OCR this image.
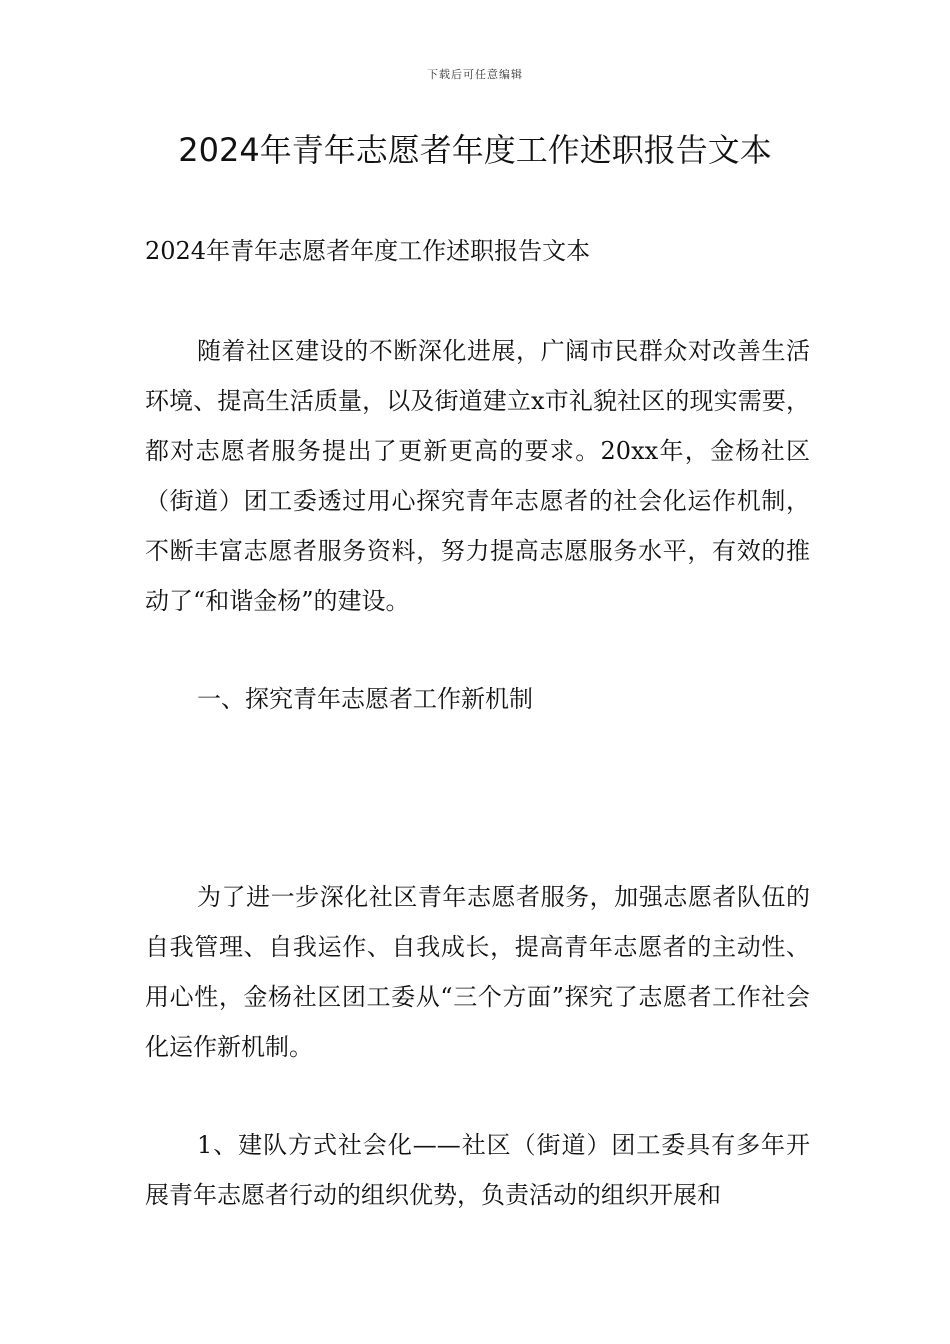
下载后可任意编辑
2024年青年志愿者年度工作述职报告文本

2024年青年志愿者年度工作述职报告文本

随着社区建设的不断深化进展，广阔市民群众对改善生活环境、提高生活质量，以及街道建立x市礼貌社区的现实需要，都对志愿者服务提出了更新更高的要求。20xx年，金杨社区（街道）团工委透过用心探究青年志愿者的社会化运作机制，不断丰富志愿者服务资料，努力提高志愿服务水平，有效的推动了“和谐金杨”的建设。

一、探究青年志愿者工作新机制

为了进一步深化社区青年志愿者服务，加强志愿者队伍的自我管理、自我运作、自我成长，提高青年志愿者的主动性、用心性，金杨社区团工委从“三个方面”探究了志愿者工作社会化运作新机制。

1、建队方式社会化——社区（街道）团工委具有多年开展青年志愿者行动的组织优势，负责活动的组织开展和
